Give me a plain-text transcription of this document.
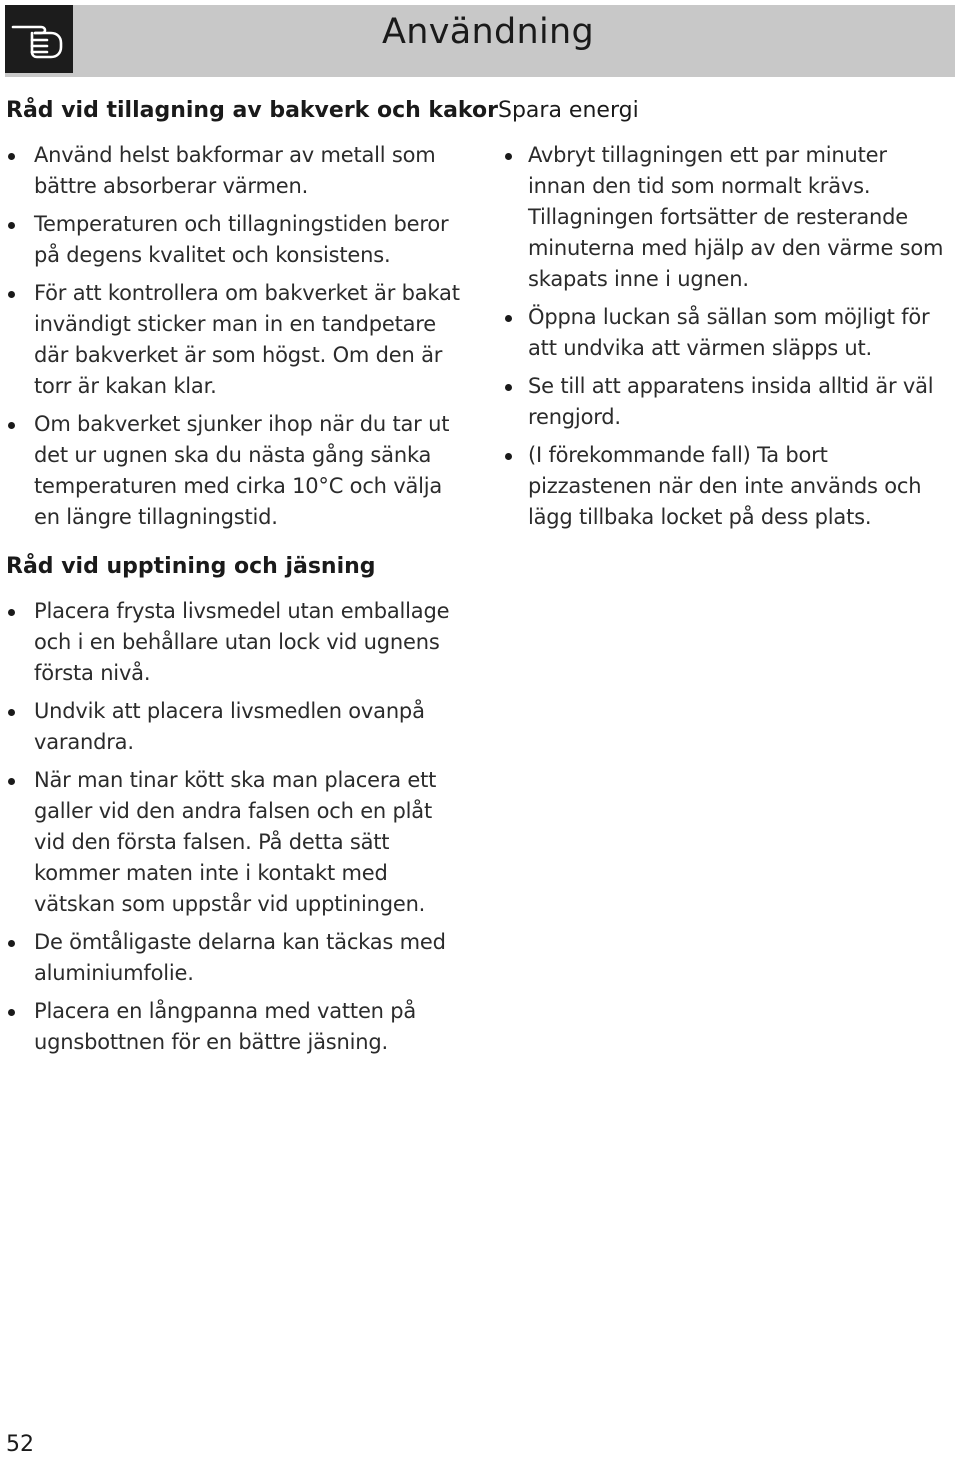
Användning
Råd vid tillagning av bakverk och kakor
Använd helst bakformar av metall som bättre absorberar värmen.
Temperaturen och tillagningstiden beror på degens kvalitet och konsistens.
För att kontrollera om bakverket är bakat invändigt sticker man in en tandpetare där bakverket är som högst. Om den är torr är kakan klar.
Om bakverket sjunker ihop när du tar ut det ur ugnen ska du nästa gång sänka temperaturen med cirka 10°C och välja en längre tillagningstid.
Råd vid upptining och jäsning
Placera frysta livsmedel utan emballage och i en behållare utan lock vid ugnens första nivå.
Undvik att placera livsmedlen ovanpå varandra.
När man tinar kött ska man placera ett galler vid den andra falsen och en plåt vid den första falsen. På detta sätt kommer maten inte i kontakt med vätskan som uppstår vid upptiningen.
De ömtåligaste delarna kan täckas med aluminiumfolie.
Placera en långpanna med vatten på ugnsbottnen för en bättre jäsning.
Spara energi
Avbryt tillagningen ett par minuter innan den tid som normalt krävs. Tillagningen fortsätter de resterande minuterna med hjälp av den värme som skapats inne i ugnen.
Öppna luckan så sällan som möjligt för att undvika att värmen släpps ut.
Se till att apparatens insida alltid är väl rengjord.
(I förekommande fall) Ta bort pizzastenen när den inte används och lägg tillbaka locket på dess plats.
52
